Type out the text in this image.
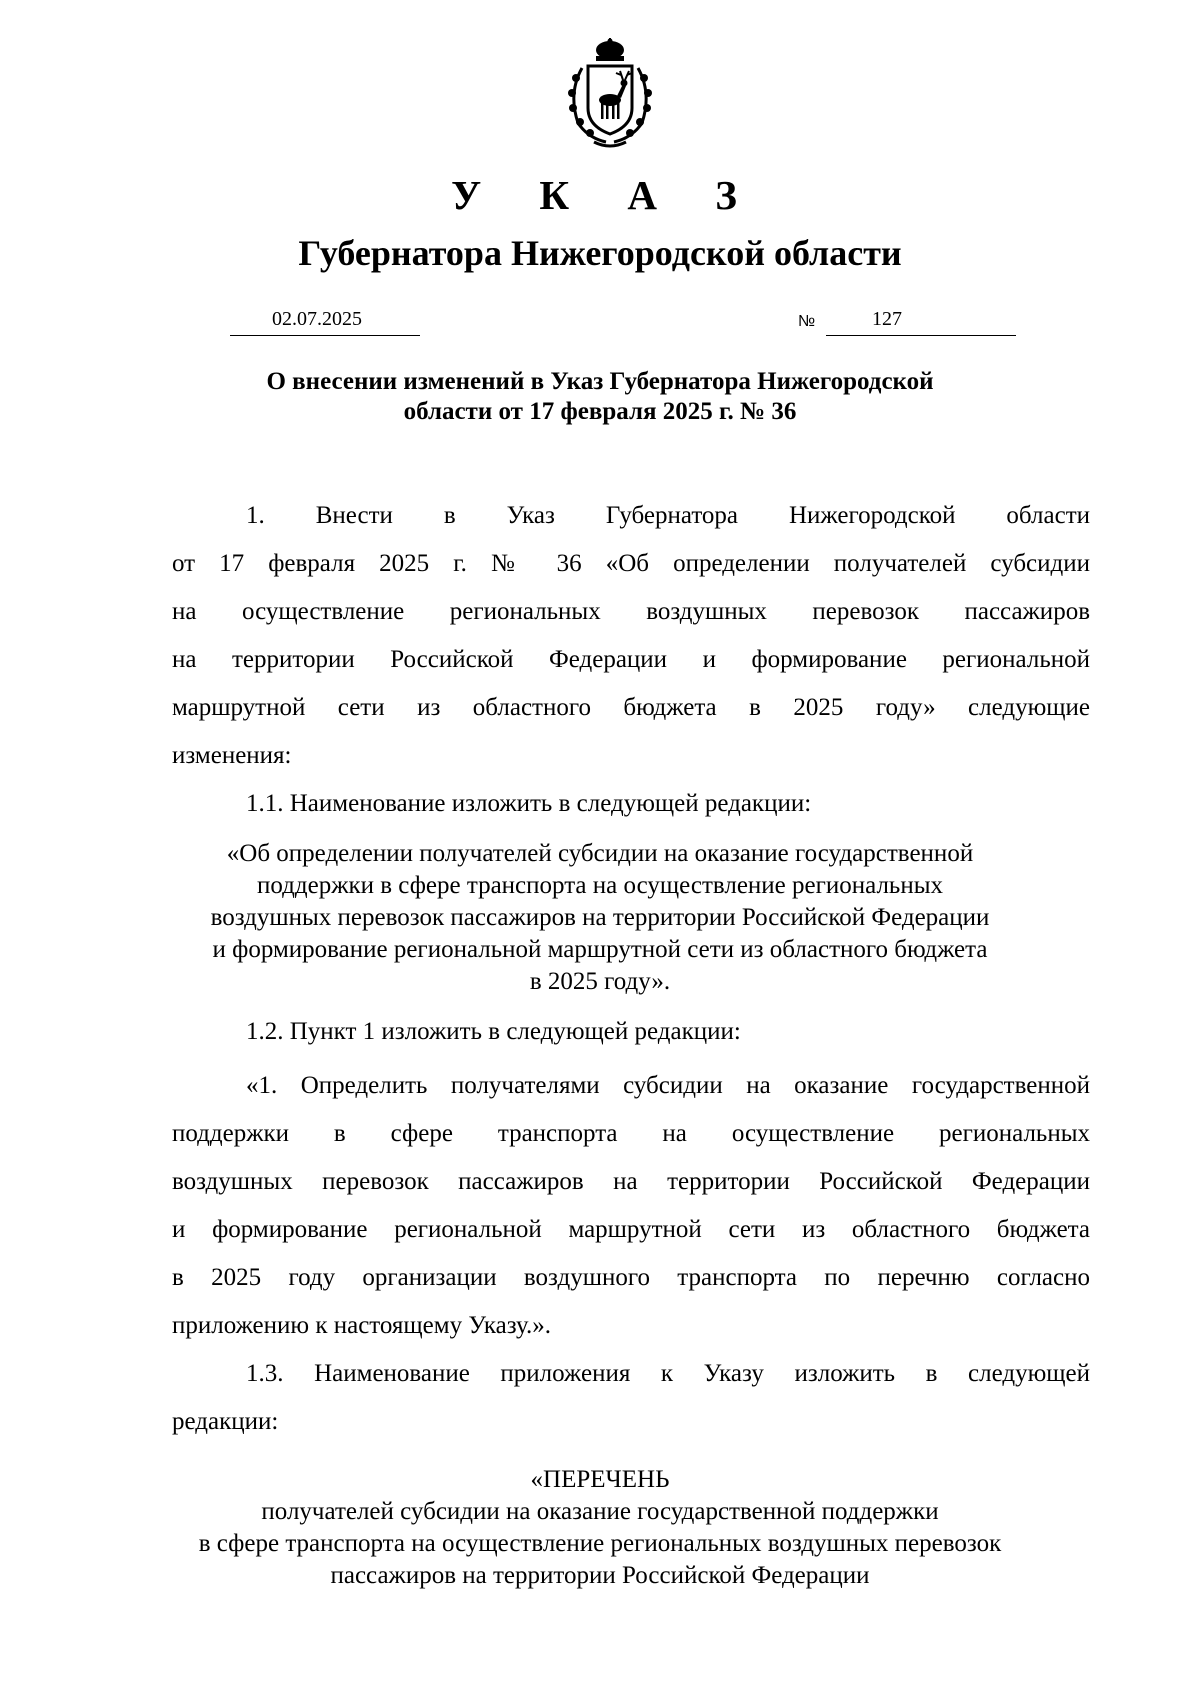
У К А З
Губернатора Нижегородской области
02.07.2025	№	127
О внесении изменений в Указ Губернатора Нижегородской
области от 17 февраля 2025 г. № 36
1. Внести в Указ Губернатора Нижегородской области
от 17 февраля 2025 г. № 36 «Об определении получателей субсидии
на осуществление региональных воздушных перевозок пассажиров
на территории Российской Федерации и формирование региональной
маршрутной сети из областного бюджета в 2025 году» следующие
изменения:
1.1. Наименование изложить в следующей редакции:
«Об определении получателей субсидии на оказание государственной
поддержки в сфере транспорта на осуществление региональных
воздушных перевозок пассажиров на территории Российской Федерации
и формирование региональной маршрутной сети из областного бюджета
в 2025 году».
1.2. Пункт 1 изложить в следующей редакции:
«1. Определить получателями субсидии на оказание государственной
поддержки в сфере транспорта на осуществление региональных
воздушных перевозок пассажиров на территории Российской Федерации
и формирование региональной маршрутной сети из областного бюджета
в 2025 году организации воздушного транспорта по перечню согласно
приложению к настоящему Указу.».
1.3. Наименование приложения к Указу изложить в следующей
редакции:
«ПЕРЕЧЕНЬ
получателей субсидии на оказание государственной поддержки
в сфере транспорта на осуществление региональных воздушных перевозок
пассажиров на территории Российской Федерации
